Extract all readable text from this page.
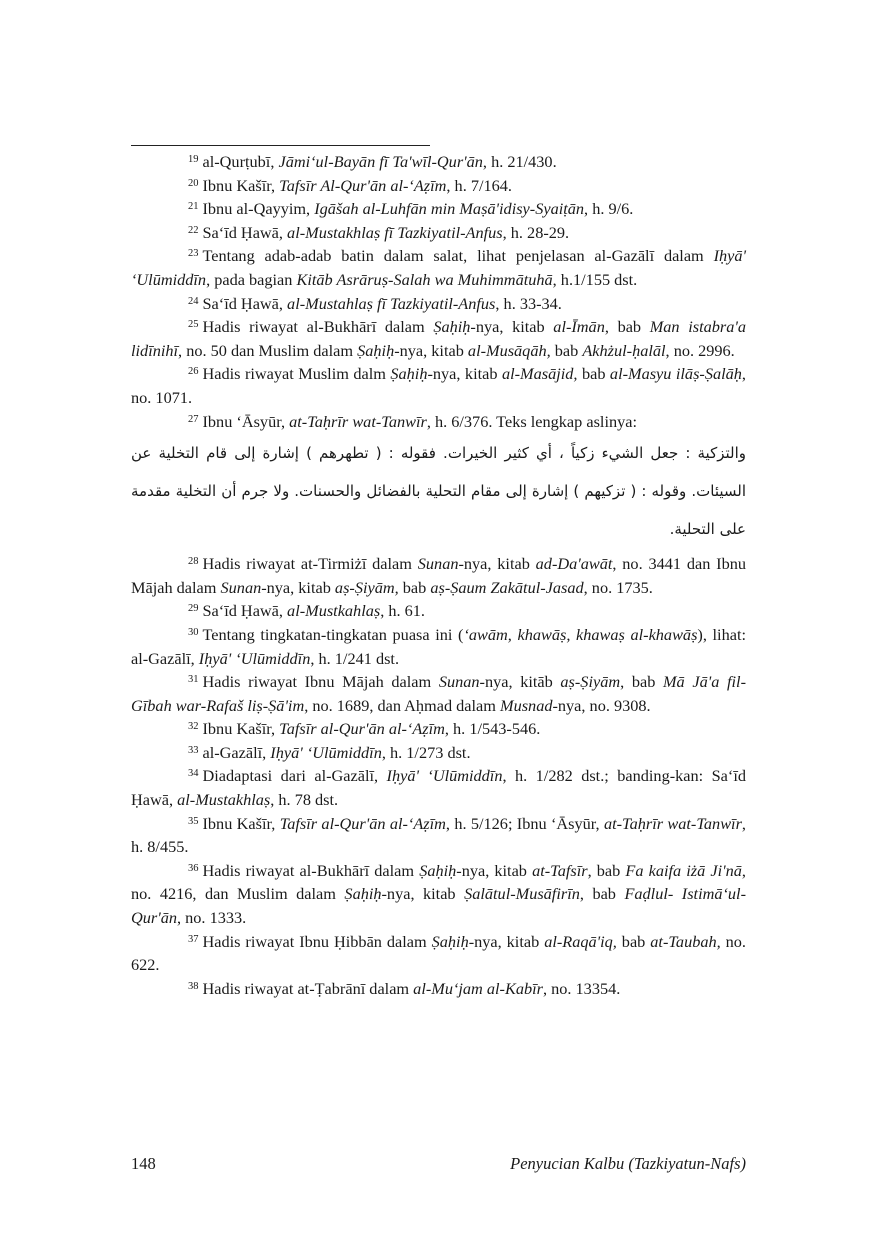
$^{19}$ al-Qurṭubī, Jāmi‘ul-Bayān fī Ta'wīl-Qur'ān, h. 21/430.

$^{20}$ Ibnu Kašīr, Tafsīr Al-Qur'ān al-‘Aẓīm, h. 7/164.

$^{21}$ Ibnu al-Qayyim, Igāšah al-Luhfān min Maṣā'idisy-Syaiṭān, h. 9/6.

$^{22}$ Sa‘īd Ḥawā, al-Mustakhlaṣ fī Tazkiyatil-Anfus, h. 28-29.

$^{23}$ Tentang adab-adab batin dalam salat, lihat penjelasan al-Gazālī dalam Iḥyā' ‘Ulūmiddīn, pada bagian Kitāb Asrāruṣ-Salah wa Muhimmātuhā, h.1/155 dst.

$^{24}$ Sa‘īd Ḥawā, al-Mustahlaṣ fī Tazkiyatil-Anfus, h. 33-34.

$^{25}$ Hadis riwayat al-Bukhārī dalam Ṣaḥiḥ-nya, kitab al-Īmān, bab Man istabra'a lidīnihī, no. 50 dan Muslim dalam Ṣaḥiḥ-nya, kitab al-Musāqāh, bab Akhżul-ḥalāl, no. 2996.

$^{26}$ Hadis riwayat Muslim dalm Ṣaḥiḥ-nya, kitab al-Masājid, bab al-Masyu ilāṣ-Ṣalāḥ, no. 1071.

$^{27}$ Ibnu ‘Āsyūr, at-Taḥrīr wat-Tanwīr, h. 6/376. Teks lengkap aslinya:

والتزكية : جعل الشيء زكياً ، أي كثير الخيرات. فقوله : ( تطهرهم ) إشارة إلى قام التخلية عن السيئات. وقوله : ( تزكيهم ) إشارة إلى مقام التحلية بالفضائل والحسنات. ولا جرم أن التخلية مقدمة على التحلية.

$^{28}$ Hadis riwayat at-Tirmiżī dalam Sunan-nya, kitab ad-Da'awāt, no. 3441 dan Ibnu Mājah dalam Sunan-nya, kitab aṣ-Ṣiyām, bab aṣ-Ṣaum Zakātul-Jasad, no. 1735.

$^{29}$ Sa‘īd Ḥawā, al-Mustkahlaṣ, h. 61.

$^{30}$ Tentang tingkatan-tingkatan puasa ini (‘awām, khawāṣ, khawaṣ al-khawāṣ), lihat: al-Gazālī, Iḥyā' ‘Ulūmiddīn, h. 1/241 dst.

$^{31}$ Hadis riwayat Ibnu Mājah dalam Sunan-nya, kitāb aṣ-Ṣiyām, bab Mā Jā'a fil-Gībah war-Rafaš liṣ-Ṣā'im, no. 1689, dan Aḥmad dalam Musnad-nya, no. 9308.

$^{32}$ Ibnu Kašīr, Tafsīr al-Qur'ān al-‘Aẓīm, h. 1/543-546.

$^{33}$ al-Gazālī, Iḥyā' ‘Ulūmiddīn, h. 1/273 dst.

$^{34}$ Diadaptasi dari al-Gazālī, Iḥyā' ‘Ulūmiddīn, h. 1/282 dst.; banding-kan: Sa‘īd Ḥawā, al-Mustakhlaṣ, h. 78 dst.

$^{35}$ Ibnu Kašīr, Tafsīr al-Qur'ān al-‘Aẓīm, h. 5/126; Ibnu ‘Āsyūr, at-Taḥrīr wat-Tanwīr, h. 8/455.

$^{36}$ Hadis riwayat al-Bukhārī dalam Ṣaḥiḥ-nya, kitab at-Tafsīr, bab Fa kaifa iżā Ji'nā, no. 4216, dan Muslim dalam Ṣaḥiḥ-nya, kitab Ṣalātul-Musāfirīn, bab Faḍlul- Istimā‘ul-Qur'ān, no. 1333.

$^{37}$ Hadis riwayat Ibnu Ḥibbān dalam Ṣaḥiḥ-nya, kitab al-Raqā'iq, bab at-Taubah, no. 622.

$^{38}$ Hadis riwayat at-Ṭabrānī dalam al-Mu‘jam al-Kabīr, no. 13354.

148	Penyucian Kalbu (Tazkiyatun-Nafs)
